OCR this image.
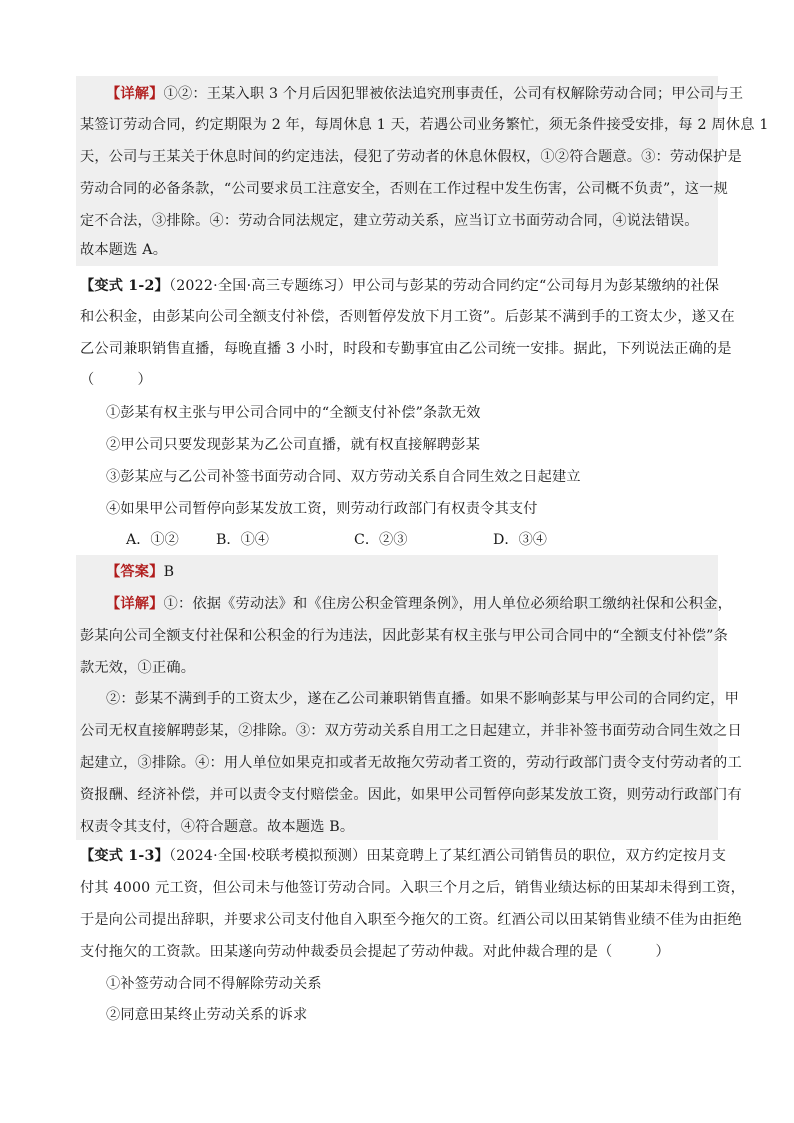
【详解】①②：王某入职 3 个月后因犯罪被依法追究刑事责任，公司有权解除劳动合同；甲公司与王
某签订劳动合同，约定期限为 2 年，每周休息 1 天，若遇公司业务繁忙，须无条件接受安排，每 2 周休息 1
天，公司与王某关于休息时间的约定违法，侵犯了劳动者的休息休假权，①②符合题意。③：劳动保护是
劳动合同的必备条款，“公司要求员工注意安全，否则在工作过程中发生伤害，公司概不负责”，这一规
定不合法，③排除。④：劳动合同法规定，建立劳动关系，应当订立书面劳动合同，④说法错误。
故本题选 A。
【变式 1-2】（2022·全国·高三专题练习）甲公司与彭某的劳动合同约定“公司每月为彭某缴纳的社保
和公积金，由彭某向公司全额支付补偿，否则暂停发放下月工资”。后彭某不满到手的工资太少，遂又在
乙公司兼职销售直播，每晚直播 3 小时，时段和专勤事宜由乙公司统一安排。据此，下列说法正确的是
（　　　）
①彭某有权主张与甲公司合同中的“全额支付补偿”条款无效
②甲公司只要发现彭某为乙公司直播，就有权直接解聘彭某
③彭某应与乙公司补签书面劳动合同、双方劳动关系自合同生效之日起建立
④如果甲公司暂停向彭某发放工资，则劳动行政部门有权责令其支付
A．①②	B．①④	C．②③	D．③④
【答案】B
【详解】①：依据《劳动法》和《住房公积金管理条例》，用人单位必须给职工缴纳社保和公积金，
彭某向公司全额支付社保和公积金的行为违法，因此彭某有权主张与甲公司合同中的“全额支付补偿”条
款无效，①正确。
②：彭某不满到手的工资太少，遂在乙公司兼职销售直播。如果不影响彭某与甲公司的合同约定，甲
公司无权直接解聘彭某，②排除。③：双方劳动关系自用工之日起建立，并非补签书面劳动合同生效之日
起建立，③排除。④：用人单位如果克扣或者无故拖欠劳动者工资的，劳动行政部门责令支付劳动者的工
资报酬、经济补偿，并可以责令支付赔偿金。因此，如果甲公司暂停向彭某发放工资，则劳动行政部门有
权责令其支付，④符合题意。故本题选 B。
【变式 1-3】（2024·全国·校联考模拟预测）田某竟聘上了某红酒公司销售员的职位，双方约定按月支
付其 4000 元工资，但公司未与他签订劳动合同。入职三个月之后，销售业绩达标的田某却未得到工资，
于是向公司提出辞职，并要求公司支付他自入职至今拖欠的工资。红酒公司以田某销售业绩不佳为由拒绝
支付拖欠的工资款。田某遂向劳动仲裁委员会提起了劳动仲裁。对此仲裁合理的是（　　　）
①补签劳动合同不得解除劳动关系
②同意田某终止劳动关系的诉求
